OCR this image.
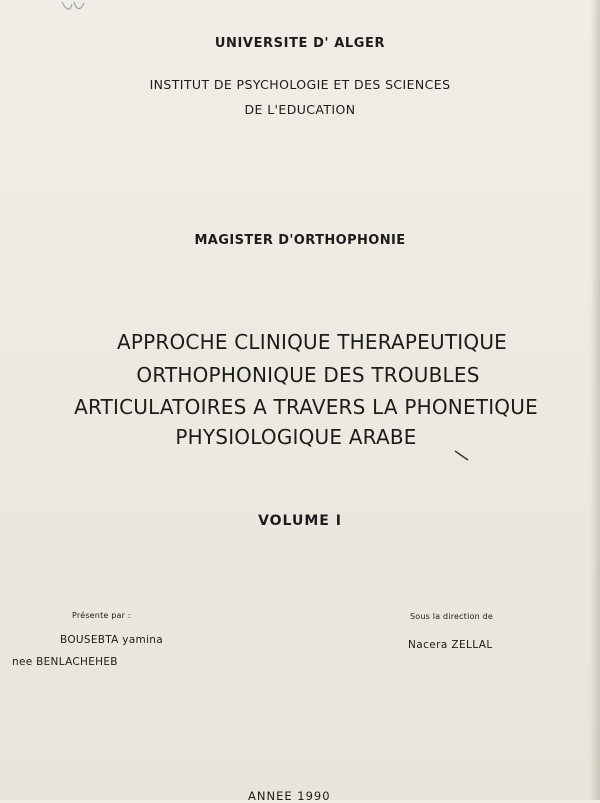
UNIVERSITE D' ALGER
INSTITUT DE PSYCHOLOGIE ET DES SCIENCES
DE L'EDUCATION
MAGISTER D'ORTHOPHONIE
APPROCHE CLINIQUE THERAPEUTIQUE
ORTHOPHONIQUE DES TROUBLES
ARTICULATOIRES A TRAVERS LA PHONETIQUE
PHYSIOLOGIQUE ARABE
VOLUME I
Présente par :
BOUSEBTA yamina
nee BENLACHEHEB
Sous la direction de
Nacera ZELLAL
ANNEE 1990
